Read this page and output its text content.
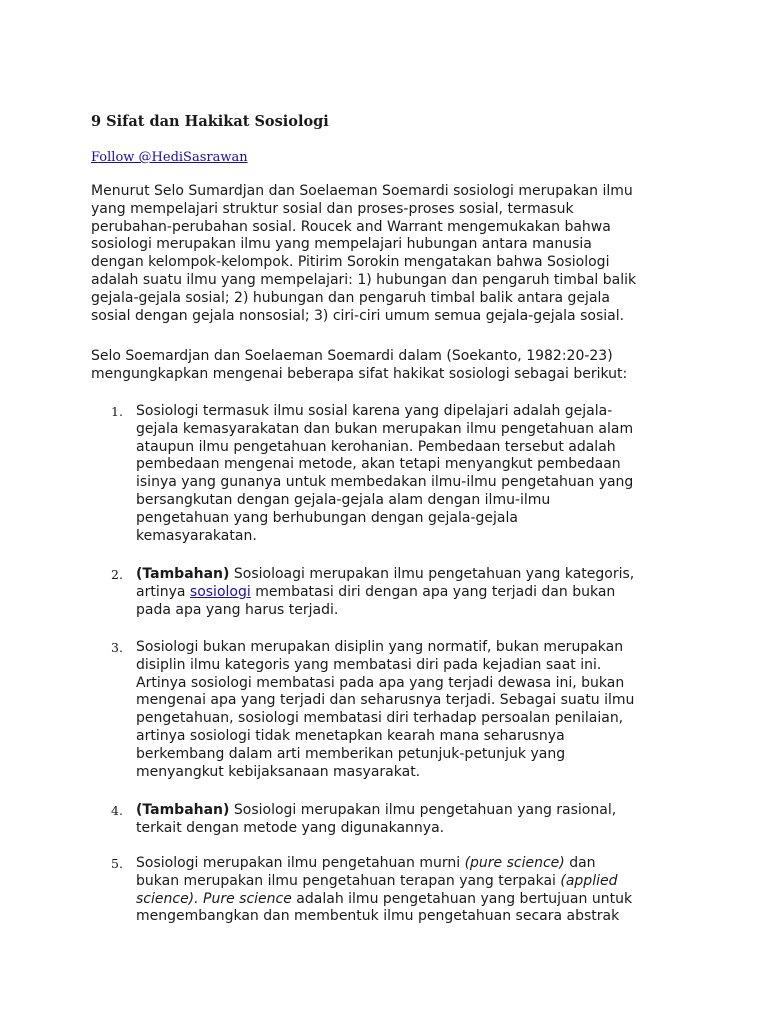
9 Sifat dan Hakikat Sosiologi
Follow @HediSasrawan

Menurut Selo Sumardjan dan Soelaeman Soemardi sosiologi merupakan ilmu
yang mempelajari struktur sosial dan proses-proses sosial, termasuk
perubahan-perubahan sosial. Roucek and Warrant mengemukakan bahwa
sosiologi merupakan ilmu yang mempelajari hubungan antara manusia
dengan kelompok-kelompok. Pitirim Sorokin mengatakan bahwa Sosiologi
adalah suatu ilmu yang mempelajari: 1) hubungan dan pengaruh timbal balik
gejala-gejala sosial; 2) hubungan dan pengaruh timbal balik antara gejala
sosial dengan gejala nonsosial; 3) ciri-ciri umum semua gejala-gejala sosial.

Selo Soemardjan dan Soelaeman Soemardi dalam (Soekanto, 1982:20-23)
mengungkapkan mengenai beberapa sifat hakikat sosiologi sebagai berikut:

1. Sosiologi termasuk ilmu sosial karena yang dipelajari adalah gejala-
gejala kemasyarakatan dan bukan merupakan ilmu pengetahuan alam
ataupun ilmu pengetahuan kerohanian. Pembedaan tersebut adalah
pembedaan mengenai metode, akan tetapi menyangkut pembedaan
isinya yang gunanya untuk membedakan ilmu-ilmu pengetahuan yang
bersangkutan dengan gejala-gejala alam dengan ilmu-ilmu
pengetahuan yang berhubungan dengan gejala-gejala
kemasyarakatan.
2. (Tambahan) Sosioloagi merupakan ilmu pengetahuan yang kategoris,
artinya sosiologi membatasi diri dengan apa yang terjadi dan bukan
pada apa yang harus terjadi.
3. Sosiologi bukan merupakan disiplin yang normatif, bukan merupakan
disiplin ilmu kategoris yang membatasi diri pada kejadian saat ini.
Artinya sosiologi membatasi pada apa yang terjadi dewasa ini, bukan
mengenai apa yang terjadi dan seharusnya terjadi. Sebagai suatu ilmu
pengetahuan, sosiologi membatasi diri terhadap persoalan penilaian,
artinya sosiologi tidak menetapkan kearah mana seharusnya
berkembang dalam arti memberikan petunjuk-petunjuk yang
menyangkut kebijaksanaan masyarakat.
4. (Tambahan) Sosiologi merupakan ilmu pengetahuan yang rasional,
terkait dengan metode yang digunakannya.
5. Sosiologi merupakan ilmu pengetahuan murni (pure science) dan
bukan merupakan ilmu pengetahuan terapan yang terpakai (applied
science). Pure science adalah ilmu pengetahuan yang bertujuan untuk
mengembangkan dan membentuk ilmu pengetahuan secara abstrak
